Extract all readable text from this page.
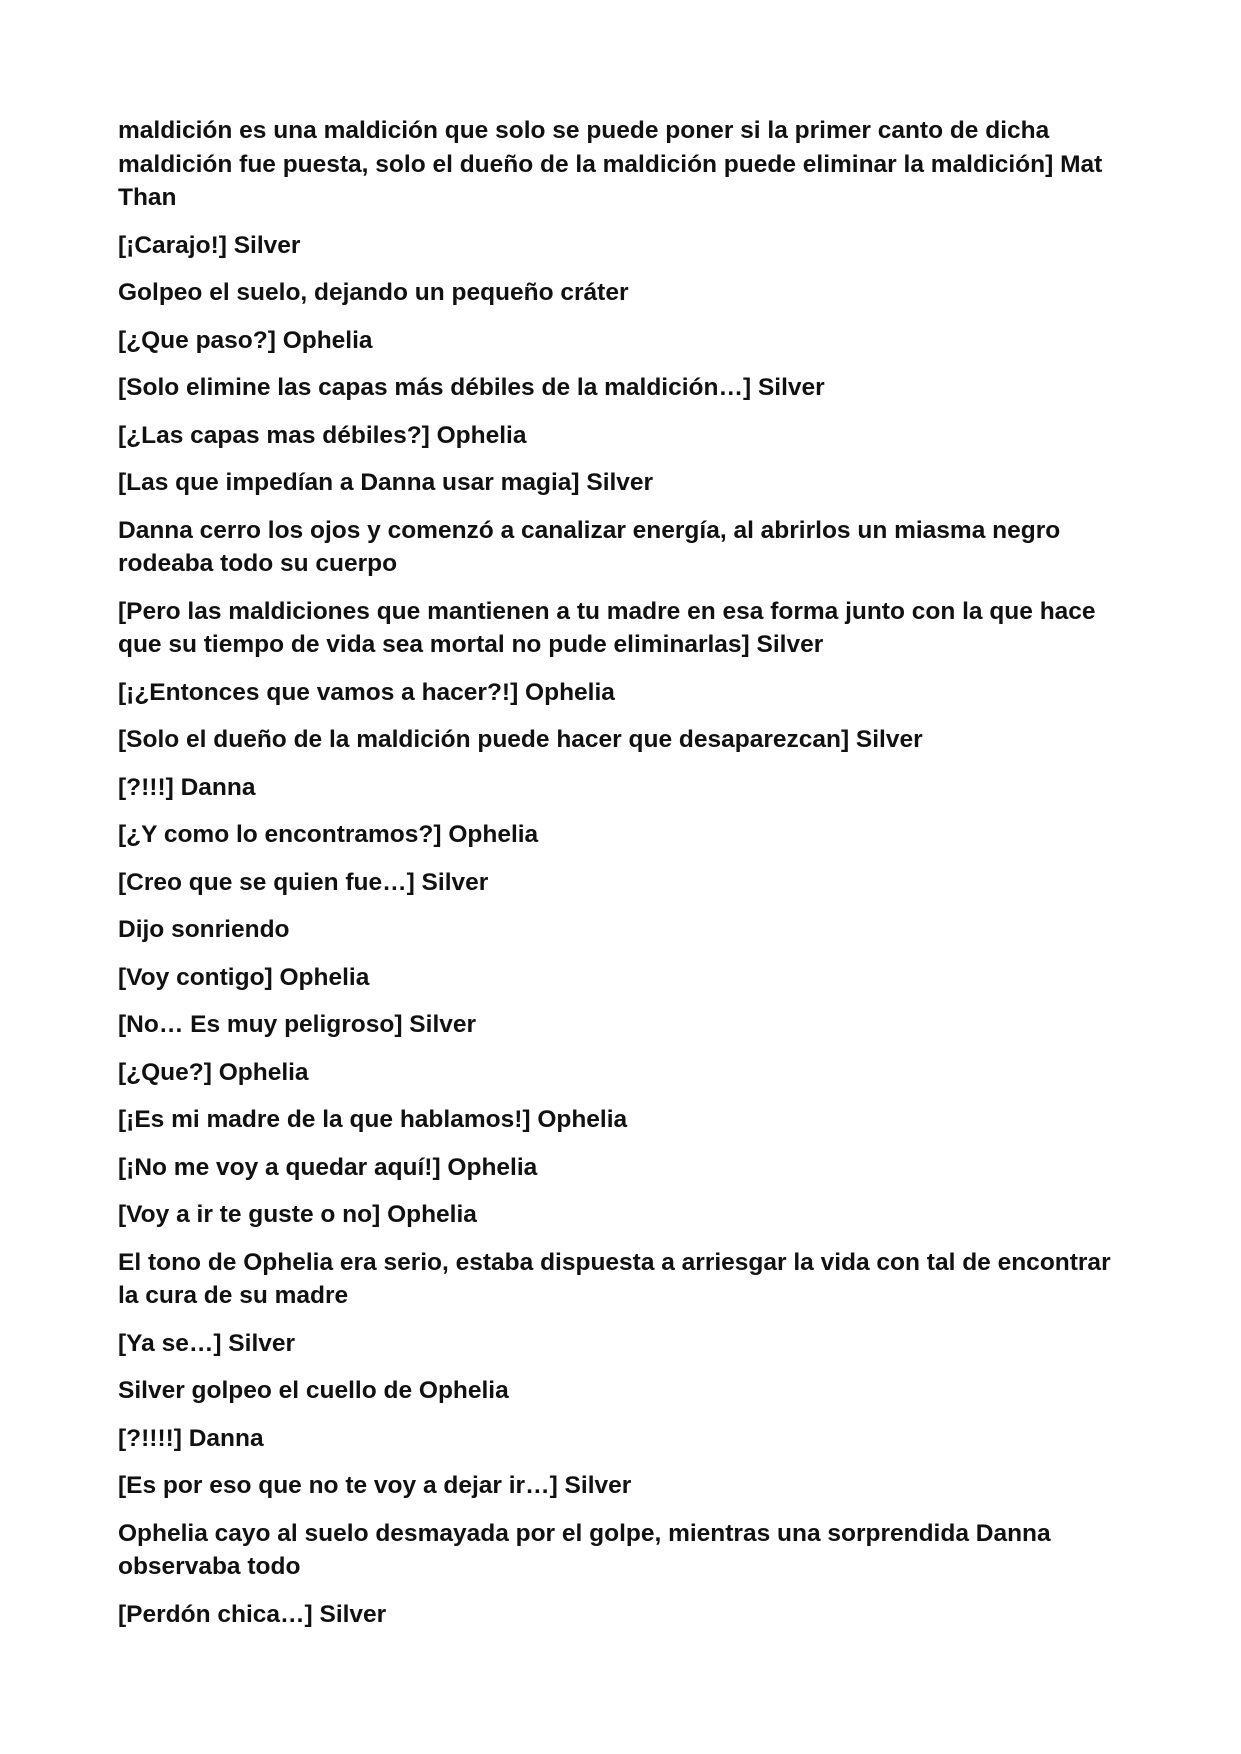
maldición es una maldición que solo se puede poner si la primer canto de dicha maldición fue puesta, solo el dueño de la maldición puede eliminar la maldición] Mat Than

[¡Carajo!] Silver

Golpeo el suelo, dejando un pequeño cráter

[¿Que paso?] Ophelia

[Solo elimine las capas más débiles de la maldición…] Silver

[¿Las capas mas débiles?] Ophelia

[Las que impedían a Danna usar magia] Silver

Danna cerro los ojos y comenzó a canalizar energía, al abrirlos un miasma negro rodeaba todo su cuerpo

[Pero las maldiciones que mantienen a tu madre en esa forma junto con la que hace que su tiempo de vida sea mortal no pude eliminarlas] Silver

[¡¿Entonces que vamos a hacer?!] Ophelia

[Solo el dueño de la maldición puede hacer que desaparezcan] Silver

[?!!!] Danna

[¿Y como lo encontramos?] Ophelia

[Creo que se quien fue…] Silver

Dijo sonriendo

[Voy contigo] Ophelia

[No… Es muy peligroso] Silver

[¿Que?] Ophelia

[¡Es mi madre de la que hablamos!] Ophelia

[¡No me voy a quedar aquí!] Ophelia

[Voy a ir te guste o no] Ophelia

El tono de Ophelia era serio, estaba dispuesta a arriesgar la vida con tal de encontrar la cura de su madre

[Ya se…] Silver

Silver golpeo el cuello de Ophelia

[?!!!!] Danna

[Es por eso que no te voy a dejar ir…] Silver

Ophelia cayo al suelo desmayada por el golpe, mientras una sorprendida Danna observaba todo

[Perdón chica…] Silver
